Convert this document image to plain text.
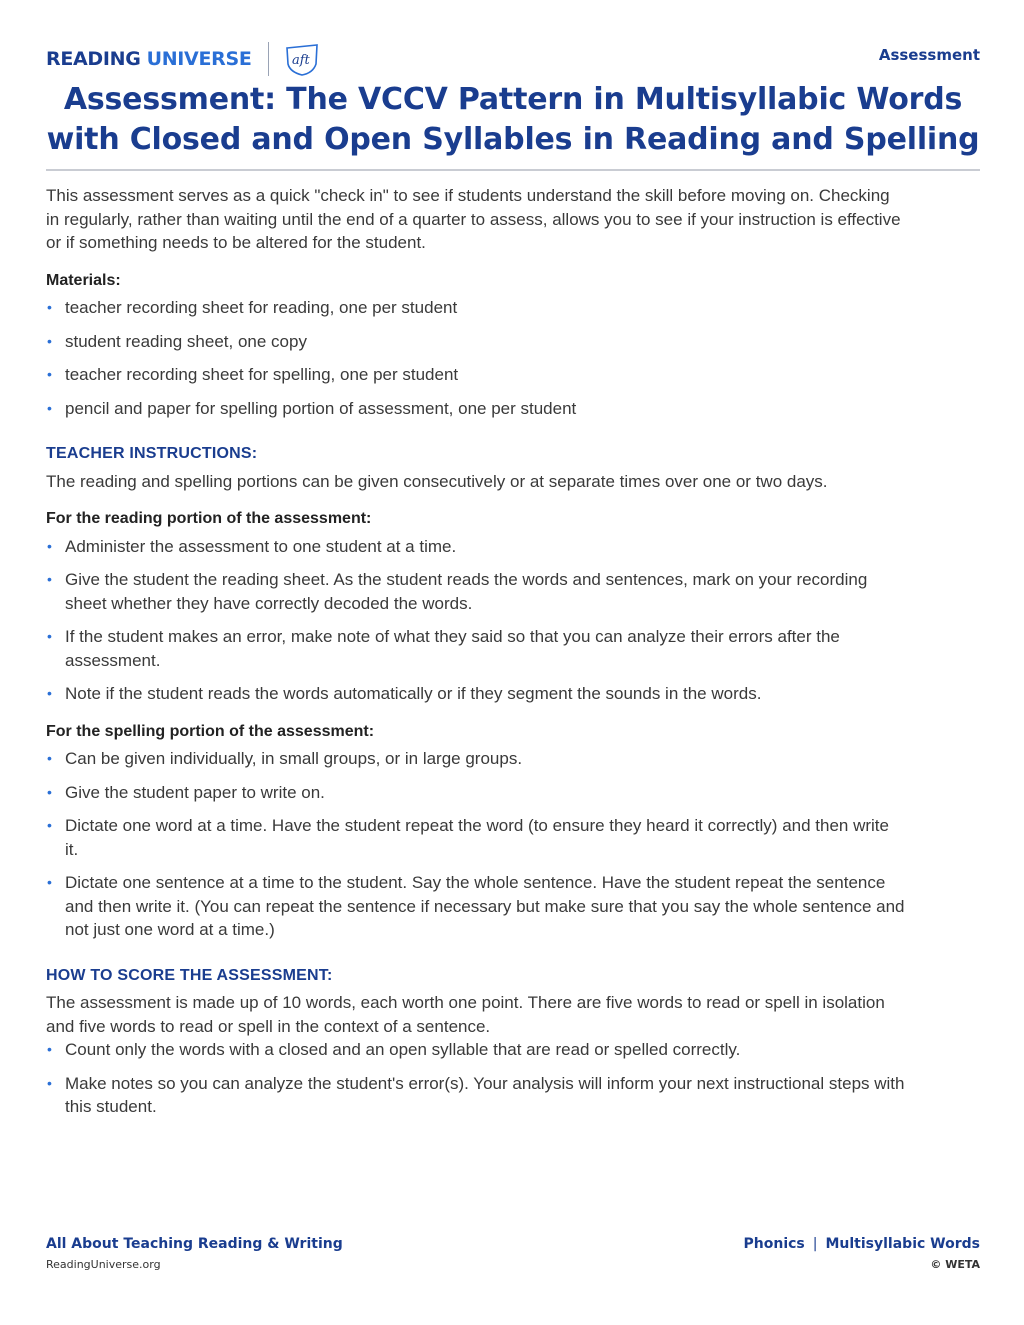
READING UNIVERSE	aft	Assessment
Assessment: The VCCV Pattern in Multisyllabic Words
with Closed and Open Syllables in Reading and Spelling

This assessment serves as a quick "check in" to see if students understand the skill before moving on. Checking in regularly, rather than waiting until the end of a quarter to assess, allows you to see if your instruction is effective or if something needs to be altered for the student.

Materials:
• teacher recording sheet for reading, one per student
• student reading sheet, one copy
• teacher recording sheet for spelling, one per student
• pencil and paper for spelling portion of assessment, one per student
TEACHER INSTRUCTIONS:

The reading and spelling portions can be given consecutively or at separate times over one or two days.

For the reading portion of the assessment:
• Administer the assessment to one student at a time.
• Give the student the reading sheet. As the student reads the words and sentences, mark on your recording sheet whether they have correctly decoded the words.
• If the student makes an error, make note of what they said so that you can analyze their errors after the assessment.
• Note if the student reads the words automatically or if they segment the sounds in the words.
For the spelling portion of the assessment:
• Can be given individually, in small groups, or in large groups.
• Give the student paper to write on.
• Dictate one word at a time. Have the student repeat the word (to ensure they heard it correctly) and then write it.
• Dictate one sentence at a time to the student. Say the whole sentence. Have the student repeat the sentence and then write it. (You can repeat the sentence if necessary but make sure that you say the whole sentence and not just one word at a time.)
HOW TO SCORE THE ASSESSMENT:

The assessment is made up of 10 words, each worth one point. There are five words to read or spell in isolation and five words to read or spell in the context of a sentence.

• Count only the words with a closed and an open syllable that are read or spelled correctly.
• Make notes so you can analyze the student's error(s). Your analysis will inform your next instructional steps with this student.
All About Teaching Reading & Writing
ReadingUniverse.org
Phonics | Multisyllabic Words
© WETA
